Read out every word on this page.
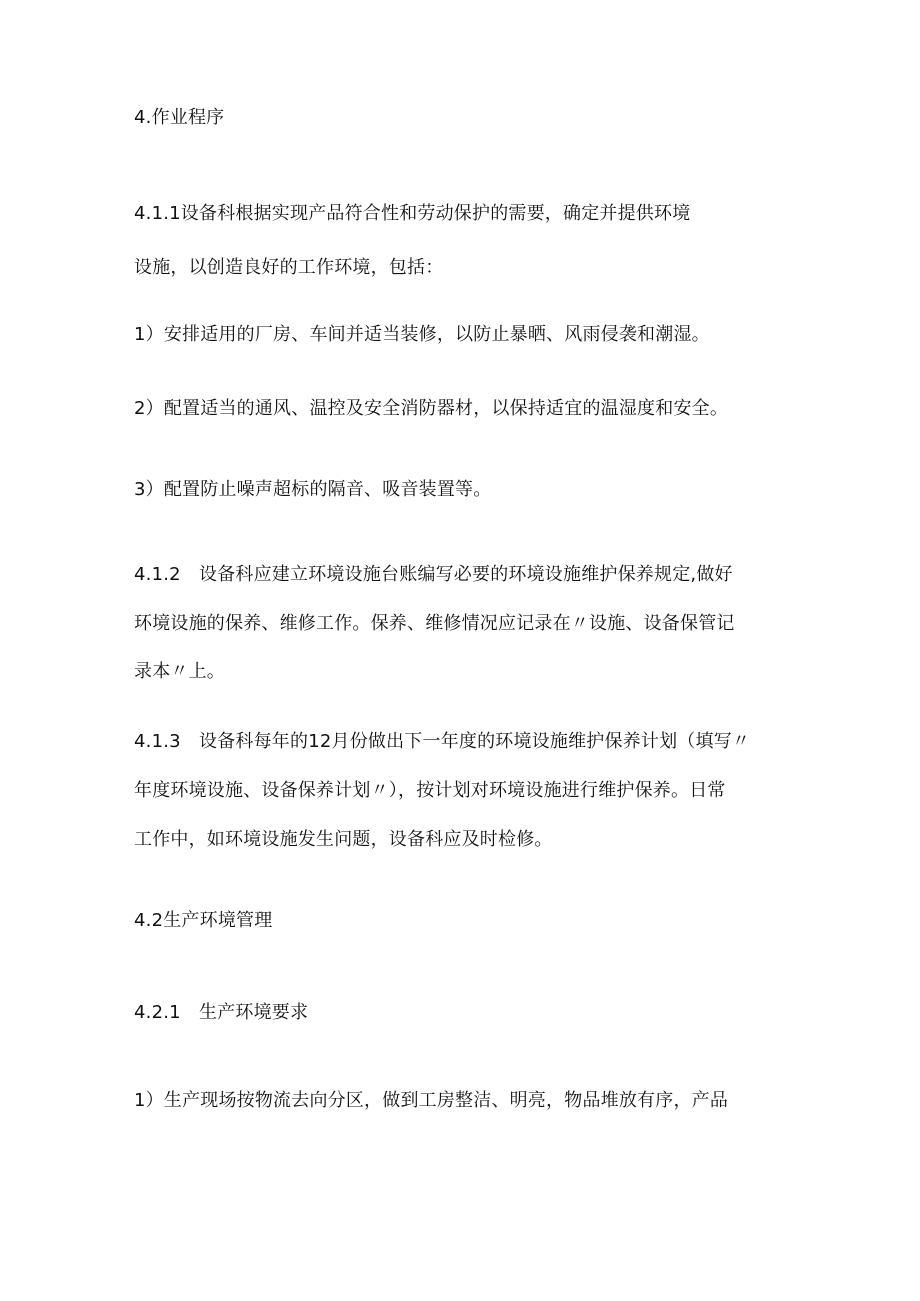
4.作业程序
4.1.1设备科根据实现产品符合性和劳动保护的需要，确定并提供环境
设施，以创造良好的工作环境，包括：
1）安排适用的厂房、车间并适当装修，以防止暴晒、风雨侵袭和潮湿。
2）配置适当的通风、温控及安全消防器材，以保持适宜的温湿度和安全。
3）配置防止噪声超标的隔音、吸音装置等。
4.1.2　设备科应建立环境设施台账编写必要的环境设施维护保养规定,做好
环境设施的保养、维修工作。保养、维修情况应记录在〃设施、设备保管记
录本〃上。
4.1.3　设备科每年的12月份做出下一年度的环境设施维护保养计划（填写〃
年度环境设施、设备保养计划〃），按计划对环境设施进行维护保养。日常
工作中，如环境设施发生问题，设备科应及时检修。
4.2生产环境管理
4.2.1　生产环境要求
1）生产现场按物流去向分区，做到工房整洁、明亮，物品堆放有序，产品
